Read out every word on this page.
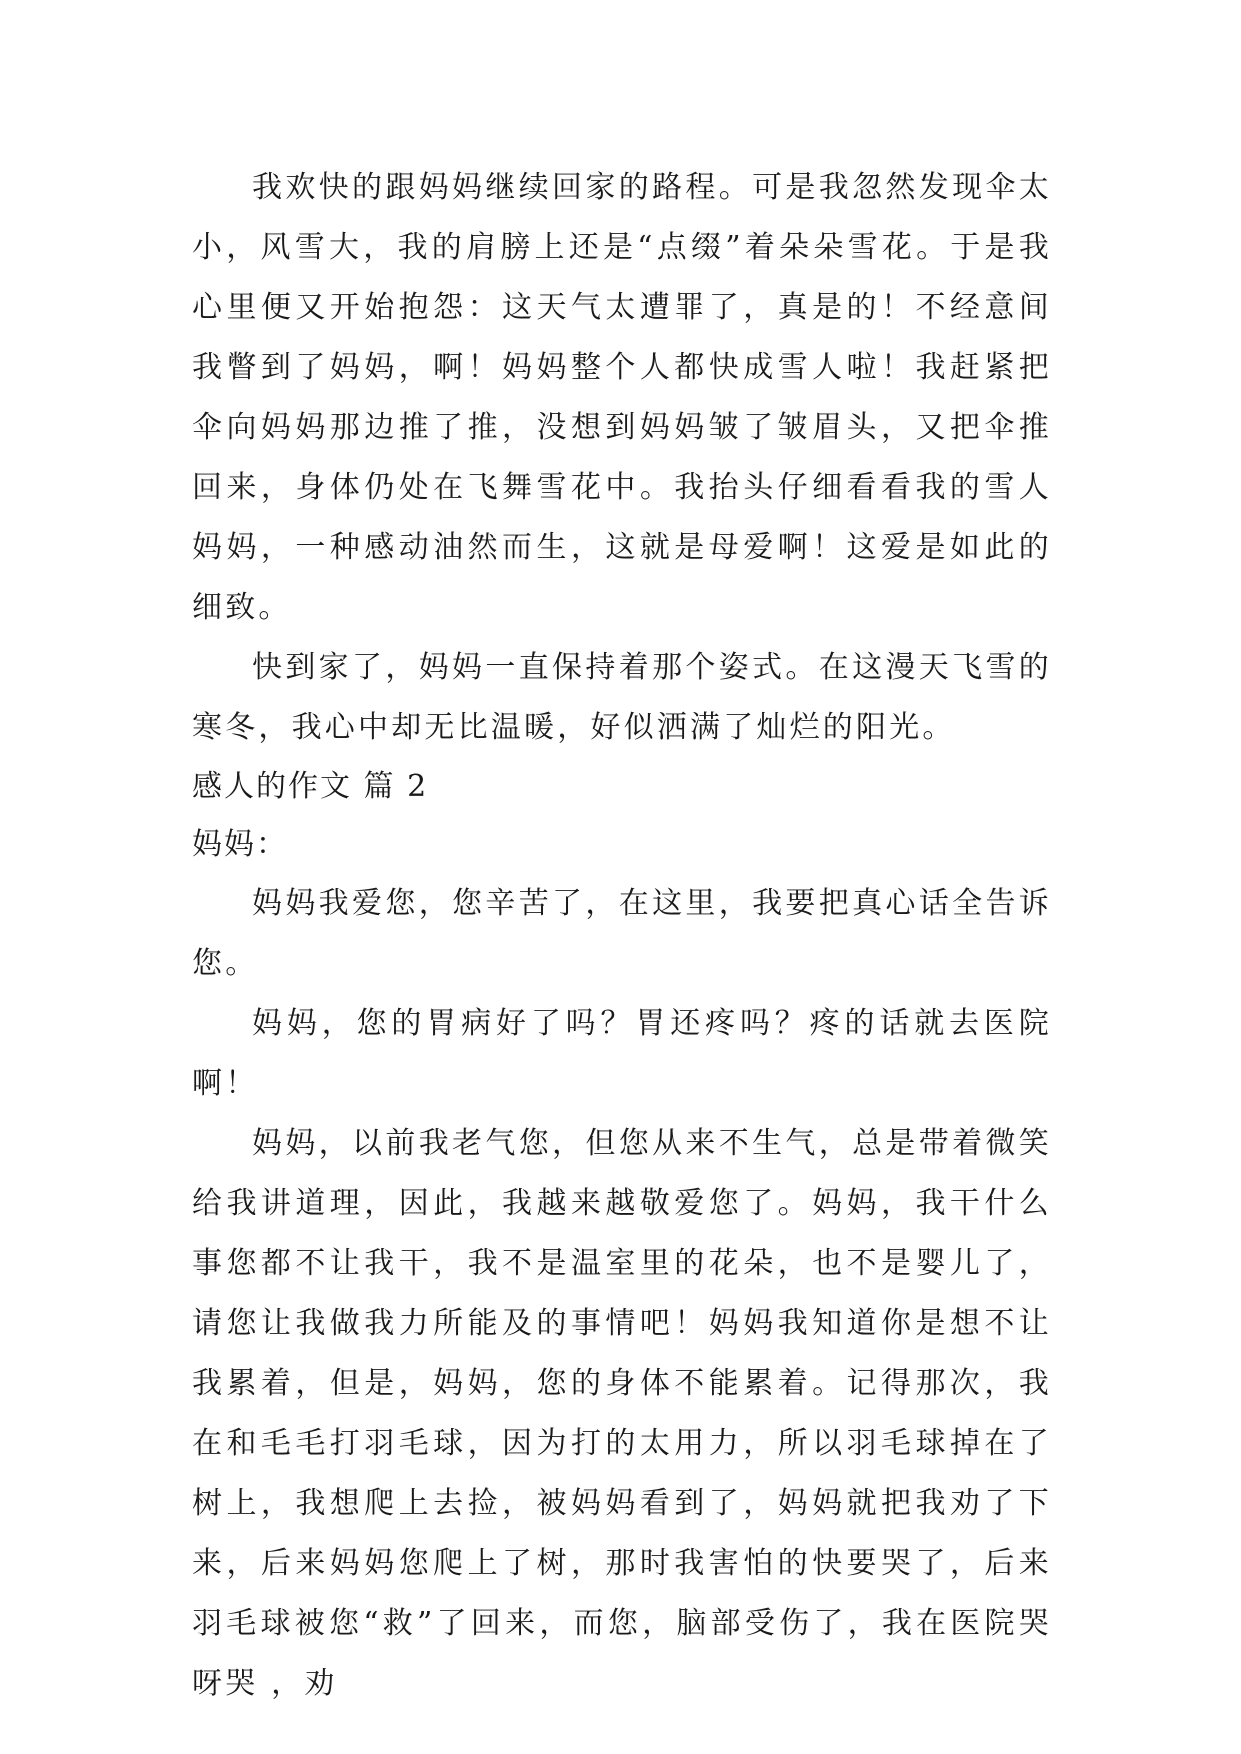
我欢快的跟妈妈继续回家的路程。可是我忽然发现伞太小，风雪大，我的肩膀上还是“点缀”着朵朵雪花。于是我心里便又开始抱怨：这天气太遭罪了，真是的！不经意间我瞥到了妈妈，啊！妈妈整个人都快成雪人啦！我赶紧把伞向妈妈那边推了推，没想到妈妈皱了皱眉头，又把伞推回来，身体仍处在飞舞雪花中。我抬头仔细看看我的雪人妈妈，一种感动油然而生，这就是母爱啊！这爱是如此的细致。

快到家了，妈妈一直保持着那个姿式。在这漫天飞雪的寒冬，我心中却无比温暖，好似洒满了灿烂的阳光。

感人的作文 篇 2

妈妈：

妈妈我爱您，您辛苦了，在这里，我要把真心话全告诉您。

妈妈，您的胃病好了吗？胃还疼吗？疼的话就去医院啊！

妈妈，以前我老气您，但您从来不生气，总是带着微笑给我讲道理，因此，我越来越敬爱您了。妈妈，我干什么事您都不让我干，我不是温室里的花朵，也不是婴儿了，请您让我做我力所能及的事情吧！妈妈我知道你是想不让我累着，但是，妈妈，您的身体不能累着。记得那次，我在和毛毛打羽毛球，因为打的太用力，所以羽毛球掉在了树上，我想爬上去捡，被妈妈看到了，妈妈就把我劝了下来，后来妈妈您爬上了树，那时我害怕的快要哭了，后来羽毛球被您“救”了回来，而您，脑部受伤了，我在医院哭呀哭 ，劝
